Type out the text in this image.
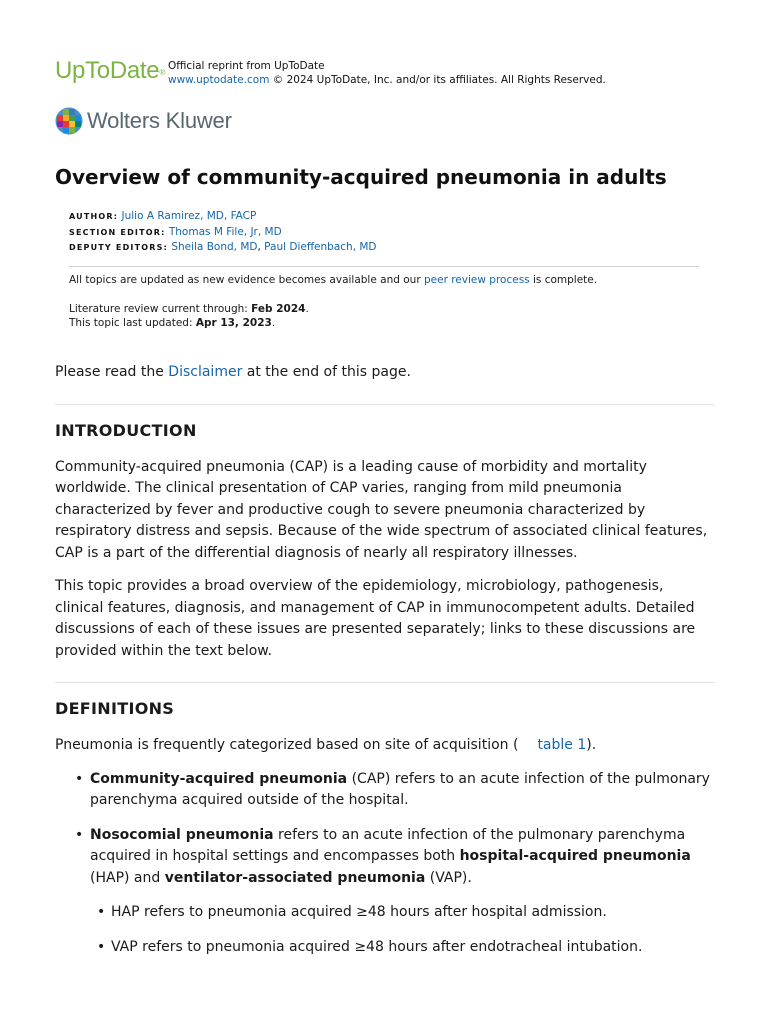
UpToDate®
Official reprint from UpToDate
www.uptodate.com © 2024 UpToDate, Inc. and/or its affiliates. All Rights Reserved.
Wolters Kluwer
Overview of community-acquired pneumonia in adults
AUTHOR: Julio A Ramirez, MD, FACP
SECTION EDITOR: Thomas M File, Jr, MD
DEPUTY EDITORS: Sheila Bond, MD, Paul Dieffenbach, MD

All topics are updated as new evidence becomes available and our peer review process is complete.

Literature review current through: Feb 2024.

This topic last updated: Apr 13, 2023.

Please read the Disclaimer at the end of this page.

INTRODUCTION

Community-acquired pneumonia (CAP) is a leading cause of morbidity and mortality worldwide. The clinical presentation of CAP varies, ranging from mild pneumonia characterized by fever and productive cough to severe pneumonia characterized by respiratory distress and sepsis. Because of the wide spectrum of associated clinical features, CAP is a part of the differential diagnosis of nearly all respiratory illnesses.

This topic provides a broad overview of the epidemiology, microbiology, pathogenesis, clinical features, diagnosis, and management of CAP in immunocompetent adults. Detailed discussions of each of these issues are presented separately; links to these discussions are provided within the text below.

DEFINITIONS

Pneumonia is frequently categorized based on site of acquisition ( table 1).

• Community-acquired pneumonia (CAP) refers to an acute infection of the pulmonary parenchyma acquired outside of the hospital.
• Nosocomial pneumonia refers to an acute infection of the pulmonary parenchyma acquired in hospital settings and encompasses both hospital-acquired pneumonia (HAP) and ventilator-associated pneumonia (VAP).
• HAP refers to pneumonia acquired ≥48 hours after hospital admission.
• VAP refers to pneumonia acquired ≥48 hours after endotracheal intubation.
